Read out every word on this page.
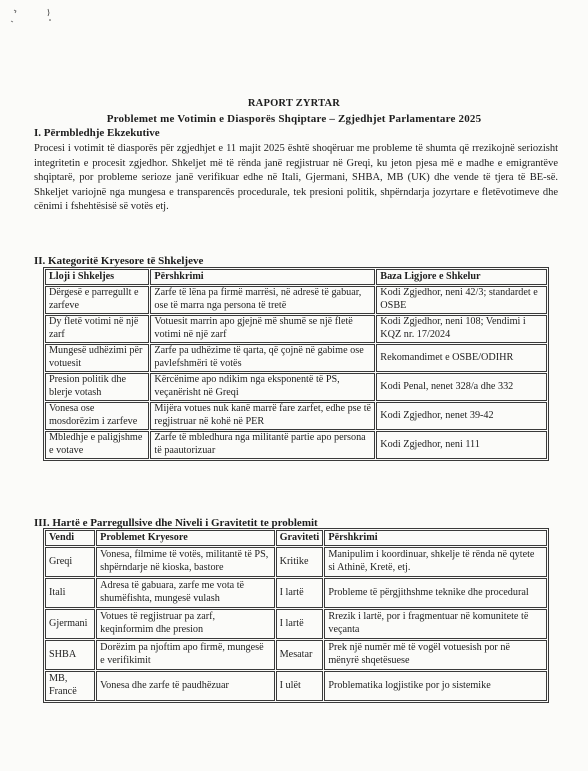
RAPORT ZYRTAR
Problemet me Votimin e Diasporës Shqiptare – Zgjedhjet Parlamentare 2025
I. Përmbledhje Ekzekutive

Procesi i votimit të diasporës për zgjedhjet e 11 majit 2025 është shoqëruar me probleme të shumta që rrezikojnë seriozisht integritetin e procesit zgjedhor. Shkeljet më të rënda janë regjistruar në Greqi, ku jeton pjesa më e madhe e emigrantëve shqiptarë, por probleme serioze janë verifikuar edhe në Itali, Gjermani, SHBA, MB (UK) dhe vende të tjera të BE-së. Shkeljet variojnë nga mungesa e transparencës procedurale, tek presioni politik, shpërndarja jozyrtare e fletëvotimeve dhe cënimi i fshehtësisë së votës etj.

II. Kategoritë Kryesore të Shkeljeve
Lloji i Shkeljes	Përshkrimi	Baza Ligjore e Shkelur
Dërgesë e parregullt e zarfeve	Zarfe të lëna pa firmë marrësi, në adresë të gabuar, ose të marra nga persona të tretë	Kodi Zgjedhor, neni 42/3; standardet e OSBE
Dy fletë votimi në një zarf	Votuesit marrin apo gjejnë më shumë se një fletë votimi në një zarf	Kodi Zgjedhor, neni 108; Vendimi i KQZ nr. 17/2024
Mungesë udhëzimi për votuesit	Zarfe pa udhëzime të qarta, që çojnë në gabime ose pavlefshmëri të votës	Rekomandimet e OSBE/ODIHR
Presion politik dhe blerje votash	Kërcënime apo ndikim nga eksponentë të PS, veçanërisht në Greqi	Kodi Penal, nenet 328/a dhe 332
Vonesa ose mosdorëzim i zarfeve	Mijëra votues nuk kanë marrë fare zarfet, edhe pse të regjistruar në kohë në PER	Kodi Zgjedhor, nenet 39-42
Mbledhje e paligjshme e votave	Zarfe të mbledhura nga militantë partie apo persona të paautorizuar	Kodi Zgjedhor, neni 111
III. Hartë e Parregullsive dhe Niveli i Gravitetit te problemit
Vendi	Problemet Kryesore	Graviteti	Përshkrimi
Greqi	Vonesa, filmime të votës, militantë të PS, shpërndarje në kioska, bastore	Kritike	Manipulim i koordinuar, shkelje të rënda në qytete si Athinë, Kretë, etj.
Itali	Adresa të gabuara, zarfe me vota të shumëfishta, mungesë vulash	I lartë	Probleme të përgjithshme teknike dhe procedural
Gjermani	Votues të regjistruar pa zarf, keqinformim dhe presion	I lartë	Rrezik i lartë, por i fragmentuar në komunitete të veçanta
SHBA	Dorëzim pa njoftim apo firmë, mungesë e verifikimit	Mesatar	Prek një numër më të vogël votuesish por në mënyrë shqetësuese
MB, Francë	Vonesa dhe zarfe të paudhëzuar	I ulët	Problematika logjistike por jo sistemike
